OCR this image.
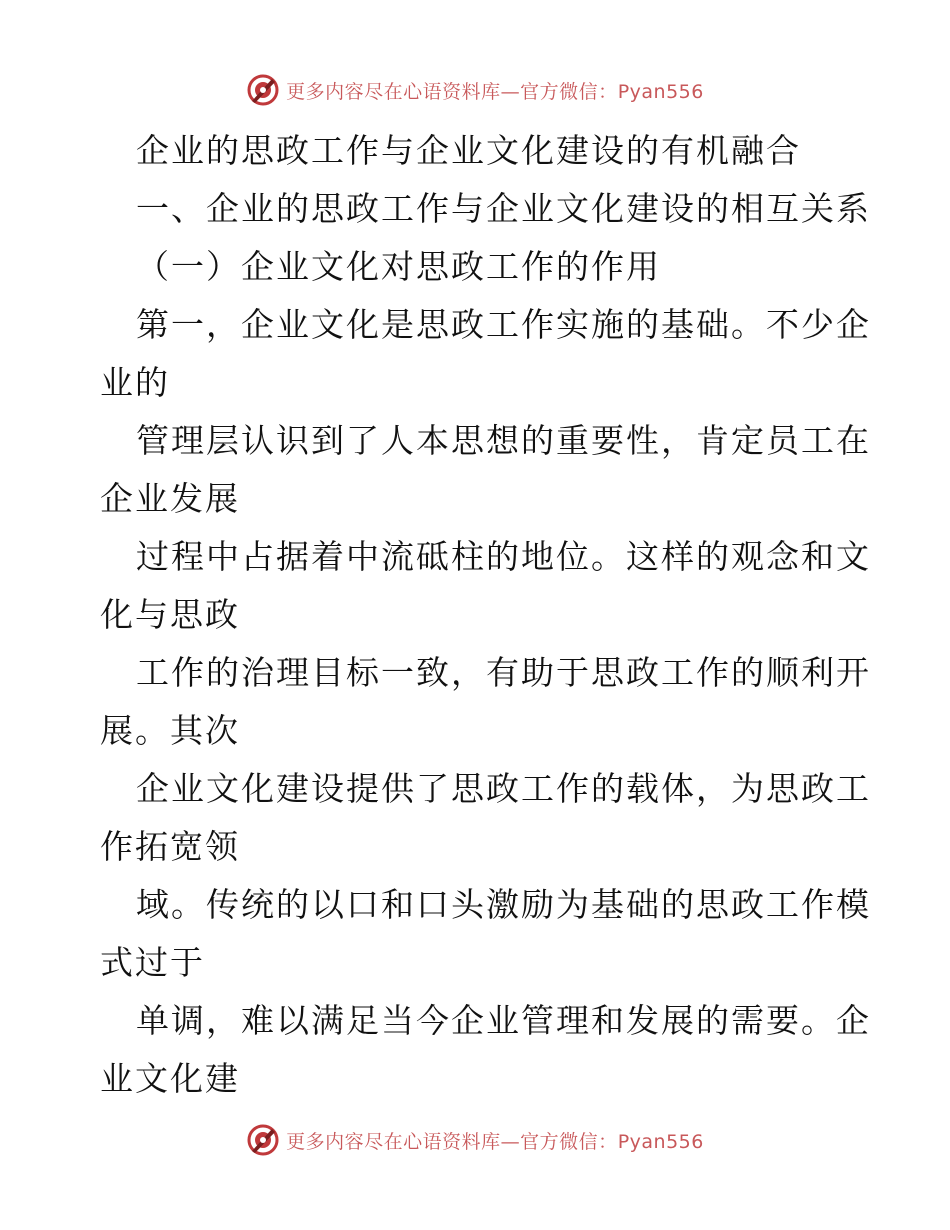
更多内容尽在心语资料库—官方微信：Pyan556
企业的思政工作与企业文化建设的有机融合
一、企业的思政工作与企业文化建设的相互关系
（一）企业文化对思政工作的作用
第一，企业文化是思政工作实施的基础。不少企
业的
管理层认识到了人本思想的重要性，肯定员工在
企业发展
过程中占据着中流砥柱的地位。这样的观念和文
化与思政
工作的治理目标一致，有助于思政工作的顺利开
展。其次
企业文化建设提供了思政工作的载体，为思政工
作拓宽领
域。传统的以口和口头激励为基础的思政工作模
式过于
单调，难以满足当今企业管理和发展的需要。企
业文化建
更多内容尽在心语资料库—官方微信：Pyan556
